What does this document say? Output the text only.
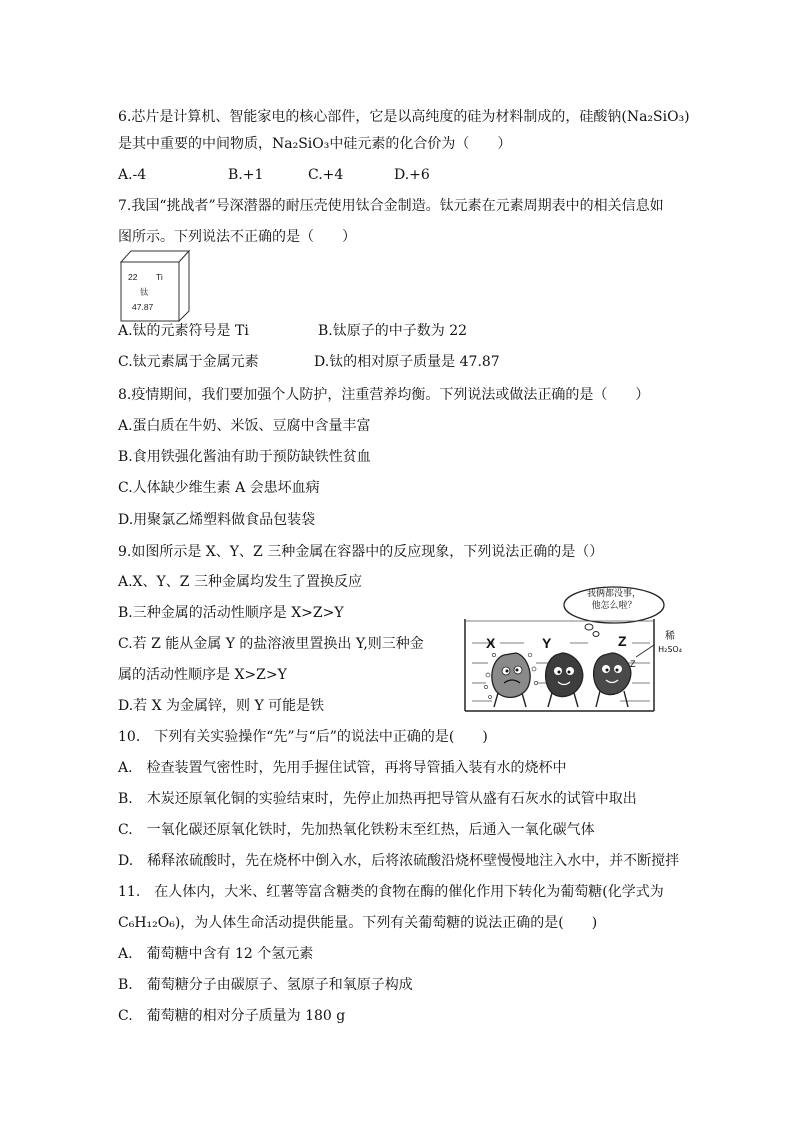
6.芯片是计算机、智能家电的核心部件，它是以高纯度的硅为材料制成的，硅酸钠(Na₂SiO₃)
是其中重要的中间物质，Na₂SiO₃中硅元素的化合价为（　　）
A.-4	B.+1	C.+4	D.+6
7.我国“挑战者”号深潜器的耐压壳使用钛合金制造。钛元素在元素周期表中的相关信息如
图所示。下列说法不正确的是（　　）
22 Ti
钛
47.87
A.钛的元素符号是 Ti	B.钛原子的中子数为 22
C.钛元素属于金属元素	D.钛的相对原子质量是 47.87
8.疫情期间，我们要加强个人防护，注重营养均衡。下列说法或做法正确的是（　　）
A.蛋白质在牛奶、米饭、豆腐中含量丰富
B.食用铁强化酱油有助于预防缺铁性贫血
C.人体缺少维生素 A 会患坏血病
D.用聚氯乙烯塑料做食品包装袋
9.如图所示是 X、Y、Z 三种金属在容器中的反应现象，下列说法正确的是（）
A.X、Y、Z 三种金属均发生了置换反应
B.三种金属的活动性顺序是 X>Z>Y
C.若 Z 能从金属 Y 的盐溶液里置换出 Y,则三种金
属的活动性顺序是 X>Z>Y
D.若 X 为金属锌，则 Y 可能是铁
我俩都没事，
他怎么啦？
X	Y	Z
Z
稀
H₂SO₄
10.　下列有关实验操作“先”与“后”的说法中正确的是(　　)
A.　检查装置气密性时，先用手握住试管，再将导管插入装有水的烧杯中
B.　木炭还原氧化铜的实验结束时，先停止加热再把导管从盛有石灰水的试管中取出
C.　一氧化碳还原氧化铁时，先加热氧化铁粉末至红热，后通入一氧化碳气体
D.　稀释浓硫酸时，先在烧杯中倒入水，后将浓硫酸沿烧杯壁慢慢地注入水中，并不断搅拌
11.　在人体内，大米、红薯等富含糖类的食物在酶的催化作用下转化为葡萄糖(化学式为
C₆H₁₂O₆)，为人体生命活动提供能量。下列有关葡萄糖的说法正确的是(　　)
A.　葡萄糖中含有 12 个氢元素
B.　葡萄糖分子由碳原子、氢原子和氧原子构成
C.　葡萄糖的相对分子质量为 180 g
